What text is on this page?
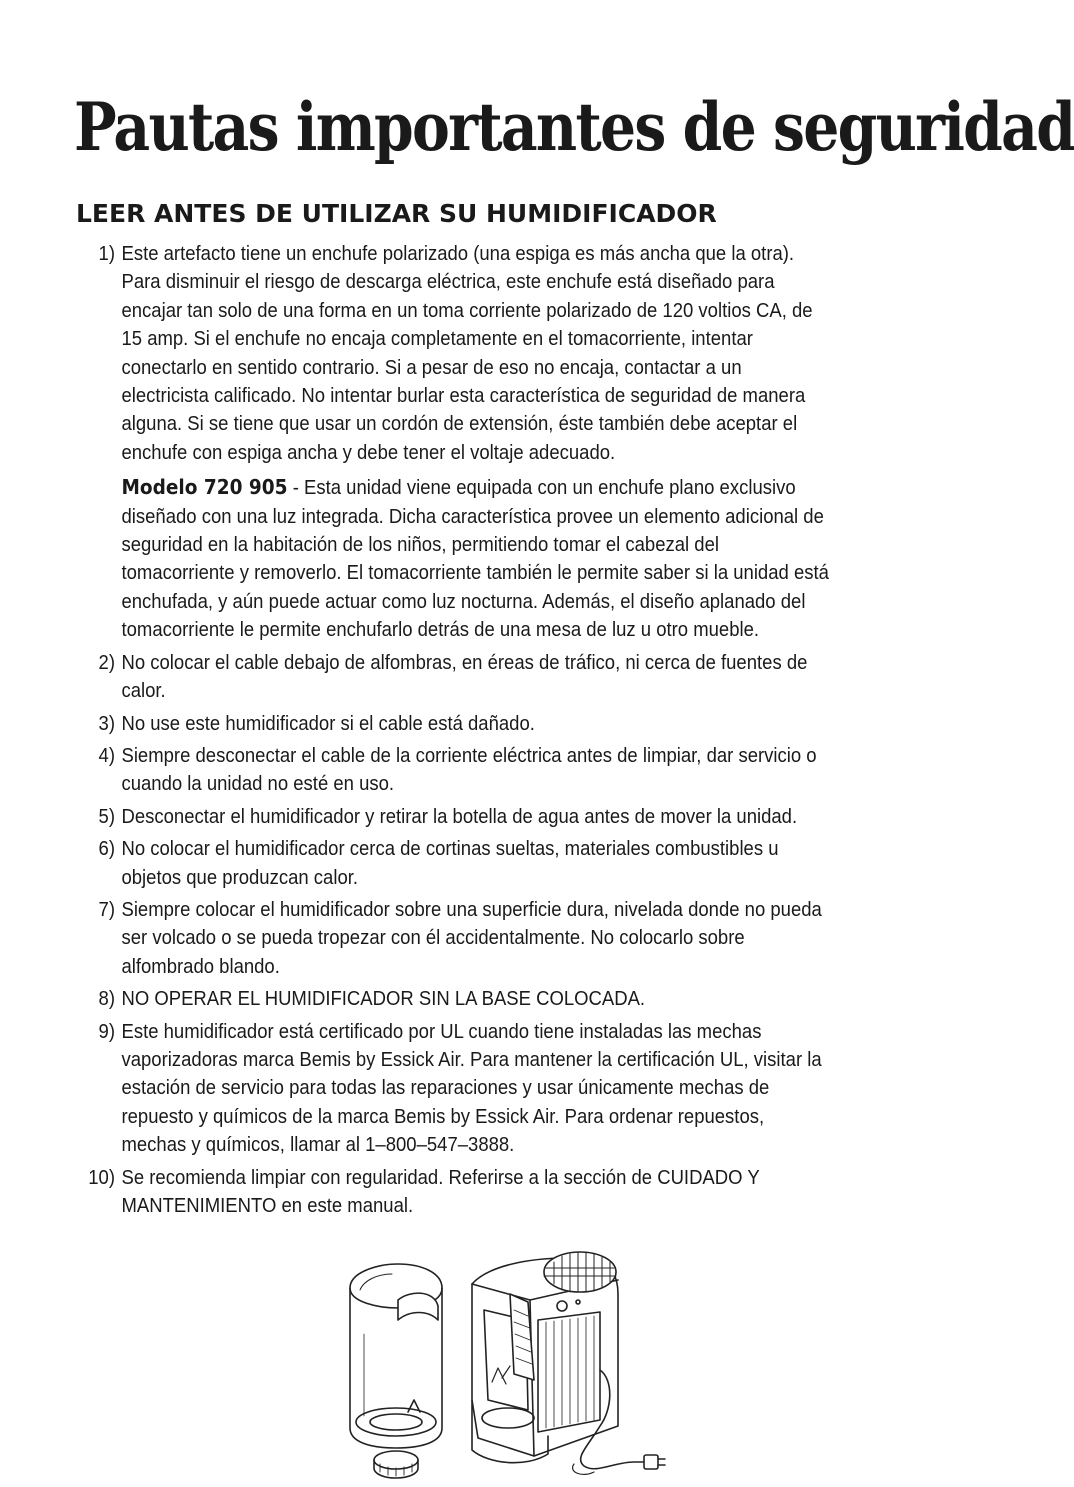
Pautas importantes de seguridad
LEER ANTES DE UTILIZAR SU HUMIDIFICADOR
1) Este artefacto tiene un enchufe polarizado (una espiga es más ancha que la otra). Para disminuir el riesgo de descarga eléctrica, este enchufe está diseñado para encajar tan solo de una forma en un toma corriente polarizado de 120 voltios CA, de 15 amp. Si el enchufe no encaja completamente en el tomacorriente, intentar conectarlo en sentido contrario. Si a pesar de eso no encaja, contactar a un electricista calificado. No intentar burlar esta característica de seguridad de manera alguna. Si se tiene que usar un cordón de extensión, éste también debe aceptar el enchufe con espiga ancha y debe tener el voltaje adecuado.

Modelo 720 905 - Esta unidad viene equipada con un enchufe plano exclusivo diseñado con una luz integrada. Dicha característica provee un elemento adicional de seguridad en la habitación de los niños, permitiendo tomar el cabezal del tomacorriente y removerlo. El tomacorriente también le permite saber si la unidad está enchufada, y aún puede actuar como luz nocturna. Además, el diseño aplanado del tomacorriente le permite enchufarlo detrás de una mesa de luz u otro mueble.

2) No colocar el cable debajo de alfombras, en éreas de tráfico, ni cerca de fuentes de calor.

3) No use este humidificador si el cable está dañado.

4) Siempre desconectar el cable de la corriente eléctrica antes de limpiar, dar servicio o cuando la unidad no esté en uso.

5) Desconectar el humidificador y retirar la botella de agua antes de mover la unidad.

6) No colocar el humidificador cerca de cortinas sueltas, materiales combustibles u objetos que produzcan calor.

7) Siempre colocar el humidificador sobre una superficie dura, nivelada donde no pueda ser volcado o se pueda tropezar con él accidentalmente. No colocarlo sobre alfombrado blando.

8) NO OPERAR EL HUMIDIFICADOR SIN LA BASE COLOCADA.

9) Este humidificador está certificado por UL cuando tiene instaladas las mechas vaporizadoras marca Bemis by Essick Air. Para mantener la certificación UL, visitar la estación de servicio para todas las reparaciones y usar únicamente mechas de repuesto y químicos de la marca Bemis by Essick Air. Para ordenar repuestos, mechas y químicos, llamar al 1–800–547–3888.

10) Se recomienda limpiar con regularidad. Referirse a la sección de CUIDADO Y MANTENIMIENTO en este manual.
